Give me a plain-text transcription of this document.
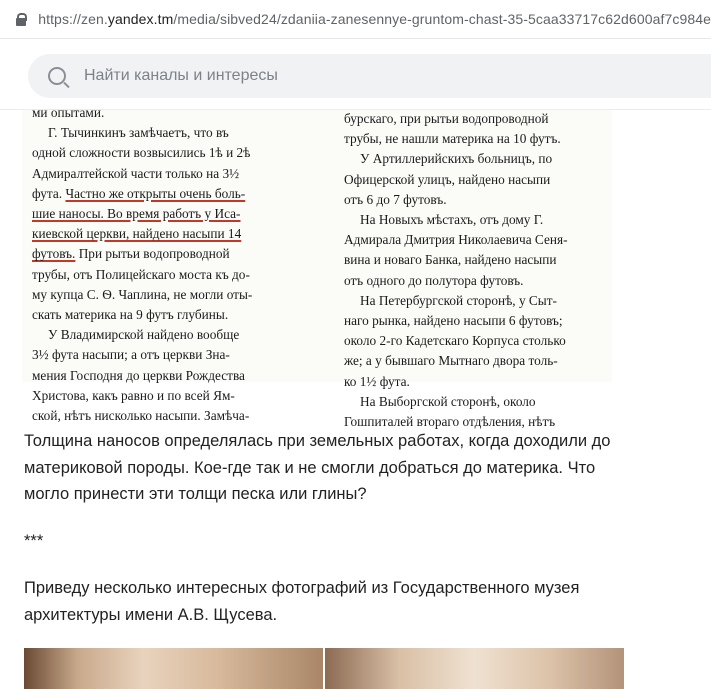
https://zen.yandex.tm/media/sibved24/zdaniia-zanesennye-gruntom-chast-35-5caa33717c62d600af7c984e
Найти каналы и интересы

ми опытами.

Г. Тычинкинъ замѣчаетъ, что въ

одной сложности возвысились 1ѣ и 2ѣ

Адмиралтейской части только на 3½

фута. Частно же открыты очень боль-

шие наносы. Во время работъ у Иса-

киевской церкви, найдено насыпи 14

футовъ. При рытьи водопроводной

трубы, отъ Полицейскаго моста къ до-

му купца С. Ѳ. Чаплина, не могли оты-

скать материка на 9 футъ глубины.

У Владимирской найдено вообще

3½ фута насыпи; а отъ церкви Зна-

мения Господня до церкви Рождества

Христова, какъ равно и по всей Ям-

ской, нѣтъ нисколько насыпи. Замѣча-

бурскаго, при рытьи водопроводной

трубы, не нашли материка на 10 футъ.

У Артиллерийскихъ больницъ, по

Офицерской улицъ, найдено насыпи

отъ 6 до 7 футовъ.

На Новыхъ мѣстахъ, отъ дому Г.

Адмирала Дмитрия Николаевича Сеня-

вина и новаго Банка, найдено насыпи

отъ одного до полутора футовъ.

На Петербургской сторонѣ, у Сыт-

наго рынка, найдено насыпи 6 футовъ;

около 2-го Кадетскаго Корпуса столько

же; а у бывшаго Мытнаго двора толь-

ко 1½ фута.

На Выборгской сторонѣ, около

Гошпиталей втораго отдѣления, нѣтъ

Толщина наносов определялась при земельных работах, когда доходили до материковой породы. Кое-где так и не смогли добраться до материка. Что могло принести эти толщи песка или глины?
***
Приведу несколько интересных фотографий из Государственного музея архитектуры имени А.В. Щусева.
